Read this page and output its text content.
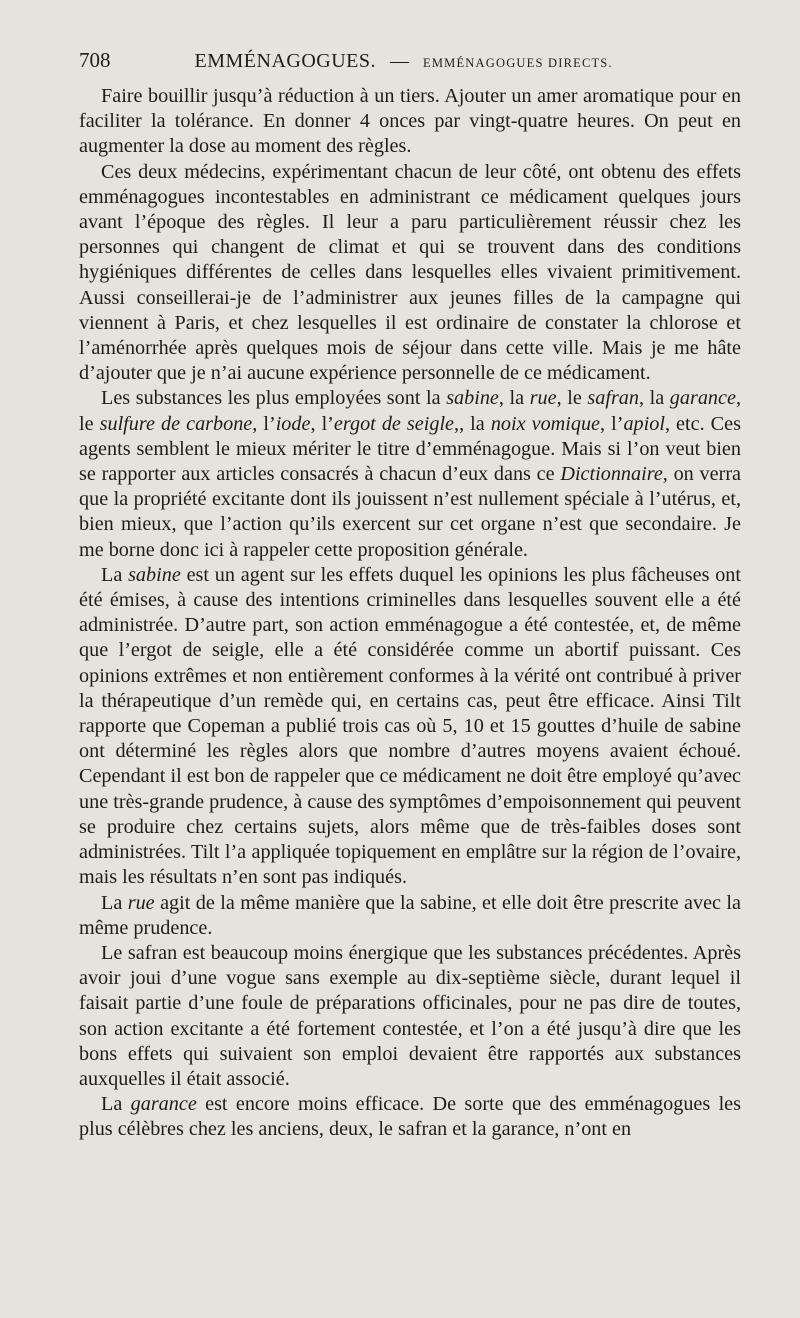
708	EMMÉNAGOGUES. — EMMÉNAGOGUES DIRECTS.

Faire bouillir jusqu’à réduction à un tiers. Ajouter un amer aromatique pour en faciliter la tolérance. En donner 4 onces par vingt-quatre heures. On peut en augmenter la dose au moment des règles.

Ces deux médecins, expérimentant chacun de leur côté, ont obtenu des effets emménagogues incontestables en administrant ce médicament quelques jours avant l’époque des règles. Il leur a paru particulièrement réussir chez les personnes qui changent de climat et qui se trouvent dans des conditions hygiéniques différentes de celles dans lesquelles elles vivaient primitivement. Aussi conseillerai-je de l’administrer aux jeunes filles de la campagne qui viennent à Paris, et chez lesquelles il est ordinaire de constater la chlorose et l’aménorrhée après quelques mois de séjour dans cette ville. Mais je me hâte d’ajouter que je n’ai aucune expérience personnelle de ce médicament.

Les substances les plus employées sont la sabine, la rue, le safran, la garance, le sulfure de carbone, l’iode, l’ergot de seigle,, la noix vomique, l’apiol, etc. Ces agents semblent le mieux mériter le titre d’emménagogue. Mais si l’on veut bien se rapporter aux articles consacrés à chacun d’eux dans ce Dictionnaire, on verra que la propriété excitante dont ils jouissent n’est nullement spéciale à l’utérus, et, bien mieux, que l’action qu’ils exercent sur cet organe n’est que secondaire. Je me borne donc ici à rappeler cette proposition générale.

La sabine est un agent sur les effets duquel les opinions les plus fâcheuses ont été émises, à cause des intentions criminelles dans lesquelles souvent elle a été administrée. D’autre part, son action emménagogue a été contestée, et, de même que l’ergot de seigle, elle a été considérée comme un abortif puissant. Ces opinions extrêmes et non entièrement conformes à la vérité ont contribué à priver la thérapeutique d’un remède qui, en certains cas, peut être efficace. Ainsi Tilt rapporte que Copeman a publié trois cas où 5, 10 et 15 gouttes d’huile de sabine ont déterminé les règles alors que nombre d’autres moyens avaient échoué. Cependant il est bon de rappeler que ce médicament ne doit être employé qu’avec une très-grande prudence, à cause des symptômes d’empoisonnement qui peuvent se produire chez certains sujets, alors même que de très-faibles doses sont administrées. Tilt l’a appliquée topiquement en emplâtre sur la région de l’ovaire, mais les résultats n’en sont pas indiqués.

La rue agit de la même manière que la sabine, et elle doit être prescrite avec la même prudence.

Le safran est beaucoup moins énergique que les substances précédentes. Après avoir joui d’une vogue sans exemple au dix-septième siècle, durant lequel il faisait partie d’une foule de préparations officinales, pour ne pas dire de toutes, son action excitante a été fortement contestée, et l’on a été jusqu’à dire que les bons effets qui suivaient son emploi devaient être rapportés aux substances auxquelles il était associé.

La garance est encore moins efficace. De sorte que des emménagogues les plus célèbres chez les anciens, deux, le safran et la garance, n’ont en
